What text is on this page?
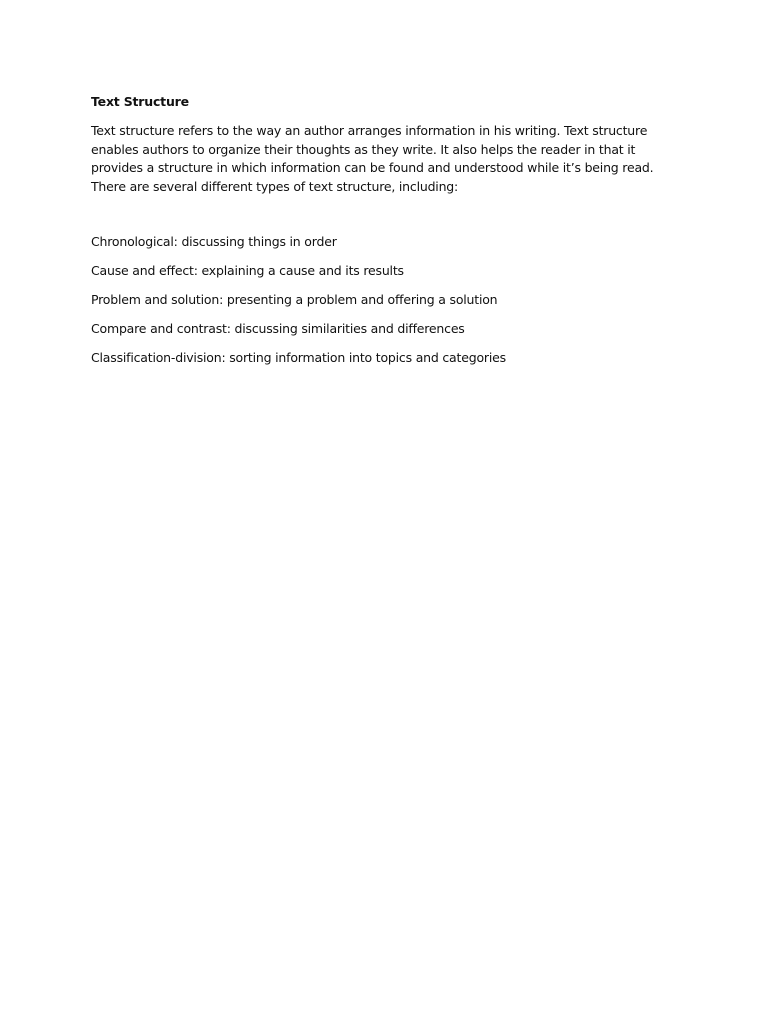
Text Structure

Text structure refers to the way an author arranges information in his writing. Text structure enables authors to organize their thoughts as they write. It also helps the reader in that it provides a structure in which information can be found and understood while it’s being read. There are several different types of text structure, including:

Chronological: discussing things in order
Cause and effect: explaining a cause and its results
Problem and solution: presenting a problem and offering a solution
Compare and contrast: discussing similarities and differences
Classification-division: sorting information into topics and categories
